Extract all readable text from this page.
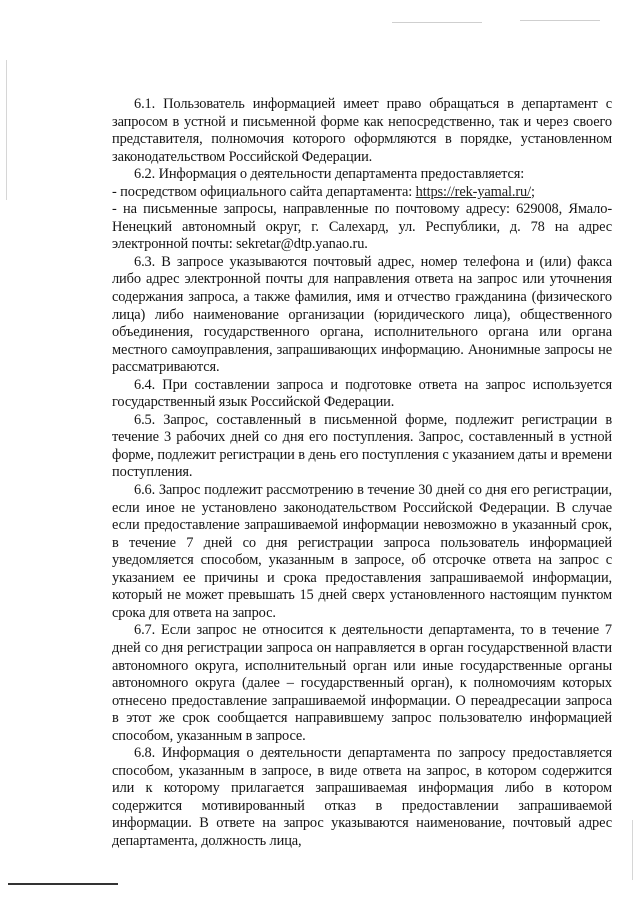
6.1. Пользователь информацией имеет право обращаться в департамент с запросом в устной и письменной форме как непосредственно, так и через своего представителя, полномочия которого оформляются в порядке, установленном законодательством Российской Федерации.

6.2. Информация о деятельности департамента предоставляется:

- посредством официального сайта департамента: https://rek-yamal.ru/;

- на письменные запросы, направленные по почтовому адресу: 629008, Ямало-Ненецкий автономный округ, г. Салехард, ул. Республики, д. 78 на адрес электронной почты: sekretar@dtp.yanao.ru.

6.3. В запросе указываются почтовый адрес, номер телефона и (или) факса либо адрес электронной почты для направления ответа на запрос или уточнения содержания запроса, а также фамилия, имя и отчество гражданина (физического лица) либо наименование организации (юридического лица), общественного объединения, государственного органа, исполнительного органа или органа местного самоуправления, запрашивающих информацию. Анонимные запросы не рассматриваются.

6.4. При составлении запроса и подготовке ответа на запрос используется государственный язык Российской Федерации.

6.5. Запрос, составленный в письменной форме, подлежит регистрации в течение 3 рабочих дней со дня его поступления. Запрос, составленный в устной форме, подлежит регистрации в день его поступления с указанием даты и времени поступления.

6.6. Запрос подлежит рассмотрению в течение 30 дней со дня его регистрации, если иное не установлено законодательством Российской Федерации. В случае если предоставление запрашиваемой информации невозможно в указанный срок, в течение 7 дней со дня регистрации запроса пользователь информацией уведомляется способом, указанным в запросе, об отсрочке ответа на запрос с указанием ее причины и срока предоставления запрашиваемой информации, который не может превышать 15 дней сверх установленного настоящим пунктом срока для ответа на запрос.

6.7. Если запрос не относится к деятельности департамента, то в течение 7 дней со дня регистрации запроса он направляется в орган государственной власти автономного округа, исполнительный орган или иные государственные органы автономного округа (далее – государственный орган), к полномочиям которых отнесено предоставление запрашиваемой информации. О переадресации запроса в этот же срок сообщается направившему запрос пользователю информацией способом, указанным в запросе.

6.8. Информация о деятельности департамента по запросу предоставляется способом, указанным в запросе, в виде ответа на запрос, в котором содержится или к которому прилагается запрашиваемая информация либо в котором содержится мотивированный отказ в предоставлении запрашиваемой информации. В ответе на запрос указываются наименование, почтовый адрес департамента, должность лица,
